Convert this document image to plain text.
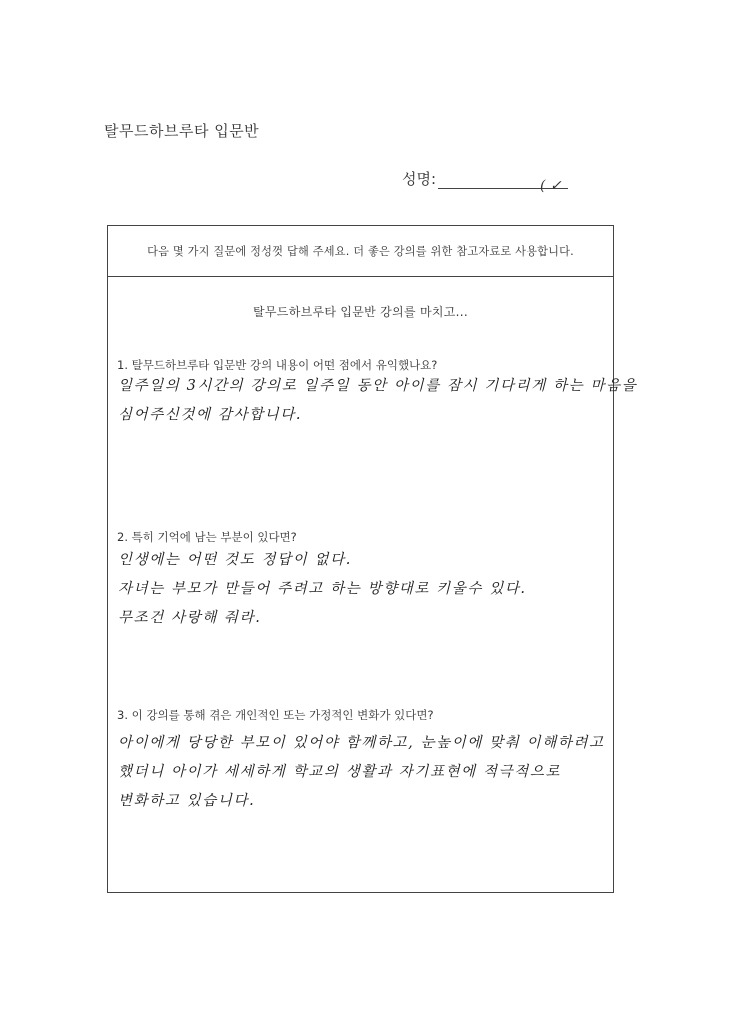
탈무드하브루타 입문반
성명:	( ✓
다음 몇 가지 질문에 정성껏 답해 주세요. 더 좋은 강의를 위한 참고자료로 사용합니다.
탈무드하브루타 입문반 강의를 마치고...
1. 탈무드하브루타 입문반 강의 내용이 어떤 점에서 유익했나요?

일주일의 3시간의 강의로 일주일 동안 아이를 잠시 기다리게 하는 마음을

심어주신것에 감사합니다.

2. 특히 기억에 남는 부분이 있다면?

인생에는 어떤 것도 정답이 없다.

자녀는 부모가 만들어 주려고 하는 방향대로 키울수 있다.

무조건 사랑해 줘라.

3. 이 강의를 통해 겪은 개인적인 또는 가정적인 변화가 있다면?

아이에게 당당한 부모이 있어야 함께하고, 눈높이에 맞춰 이해하려고

했더니 아이가 세세하게 학교의 생활과 자기표현에 적극적으로

변화하고 있습니다.
